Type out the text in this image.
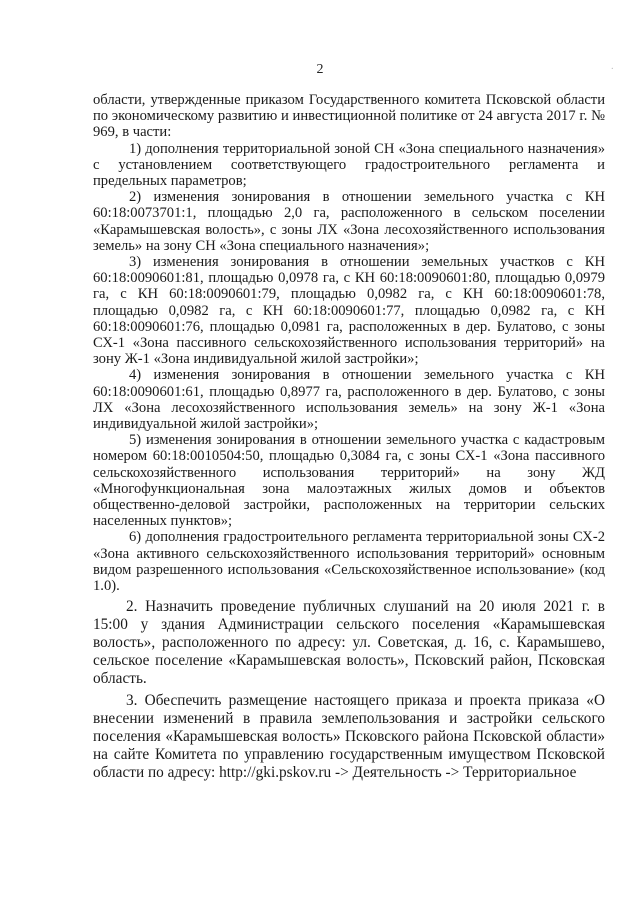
2	·

области, утвержденные приказом Государственного комитета Псковской области по экономическому развитию и инвестиционной политике от 24 августа 2017 г. № 969, в части:

1) дополнения территориальной зоной СН «Зона специального назначения» с установлением соответствующего градостроительного регламента и предельных параметров;

2) изменения зонирования в отношении земельного участка с КН 60:18:0073701:1, площадью 2,0 га, расположенного в сельском поселении «Карамышевская волость», с зоны ЛХ «Зона лесохозяйственного использования земель» на зону СН «Зона специального назначения»;

3) изменения зонирования в отношении земельных участков с КН 60:18:0090601:81, площадью 0,0978 га, с КН 60:18:0090601:80, площадью 0,0979 га, с КН 60:18:0090601:79, площадью 0,0982 га, с КН 60:18:0090601:78, площадью 0,0982 га, с КН 60:18:0090601:77, площадью 0,0982 га, с КН 60:18:0090601:76, площадью 0,0981 га, расположенных в дер. Булатово, с зоны СХ-1 «Зона пассивного сельскохозяйственного использования территорий» на зону Ж-1 «Зона индивидуальной жилой застройки»;

4) изменения зонирования в отношении земельного участка с КН 60:18:0090601:61, площадью 0,8977 га, расположенного в дер. Булатово, с зоны ЛХ «Зона лесохозяйственного использования земель» на зону Ж-1 «Зона индивидуальной жилой застройки»;

5) изменения зонирования в отношении земельного участка с кадастровым номером 60:18:0010504:50, площадью 0,3084 га, с зоны СХ-1 «Зона пассивного сельскохозяйственного использования территорий» на зону ЖД «Многофункциональная зона малоэтажных жилых домов и объектов общественно-деловой застройки, расположенных на территории сельских населенных пунктов»;

6) дополнения градостроительного регламента территориальной зоны СХ-2 «Зона активного сельскохозяйственного использования территорий» основным видом разрешенного использования «Сельскохозяйственное использование» (код 1.0).

2. Назначить проведение публичных слушаний на 20 июля 2021 г. в 15:00 у здания Администрации сельского поселения «Карамышевская волость», расположенного по адресу: ул. Советская, д. 16, с. Карамышево, сельское поселение «Карамышевская волость», Псковский район, Псковская область.

3. Обеспечить размещение настоящего приказа и проекта приказа «О внесении изменений в правила землепользования и застройки сельского поселения «Карамышевская волость» Псковского района Псковской области» на сайте Комитета по управлению государственным имуществом Псковской области по адресу: http://gki.pskov.ru -> Деятельность -> Территориальное
